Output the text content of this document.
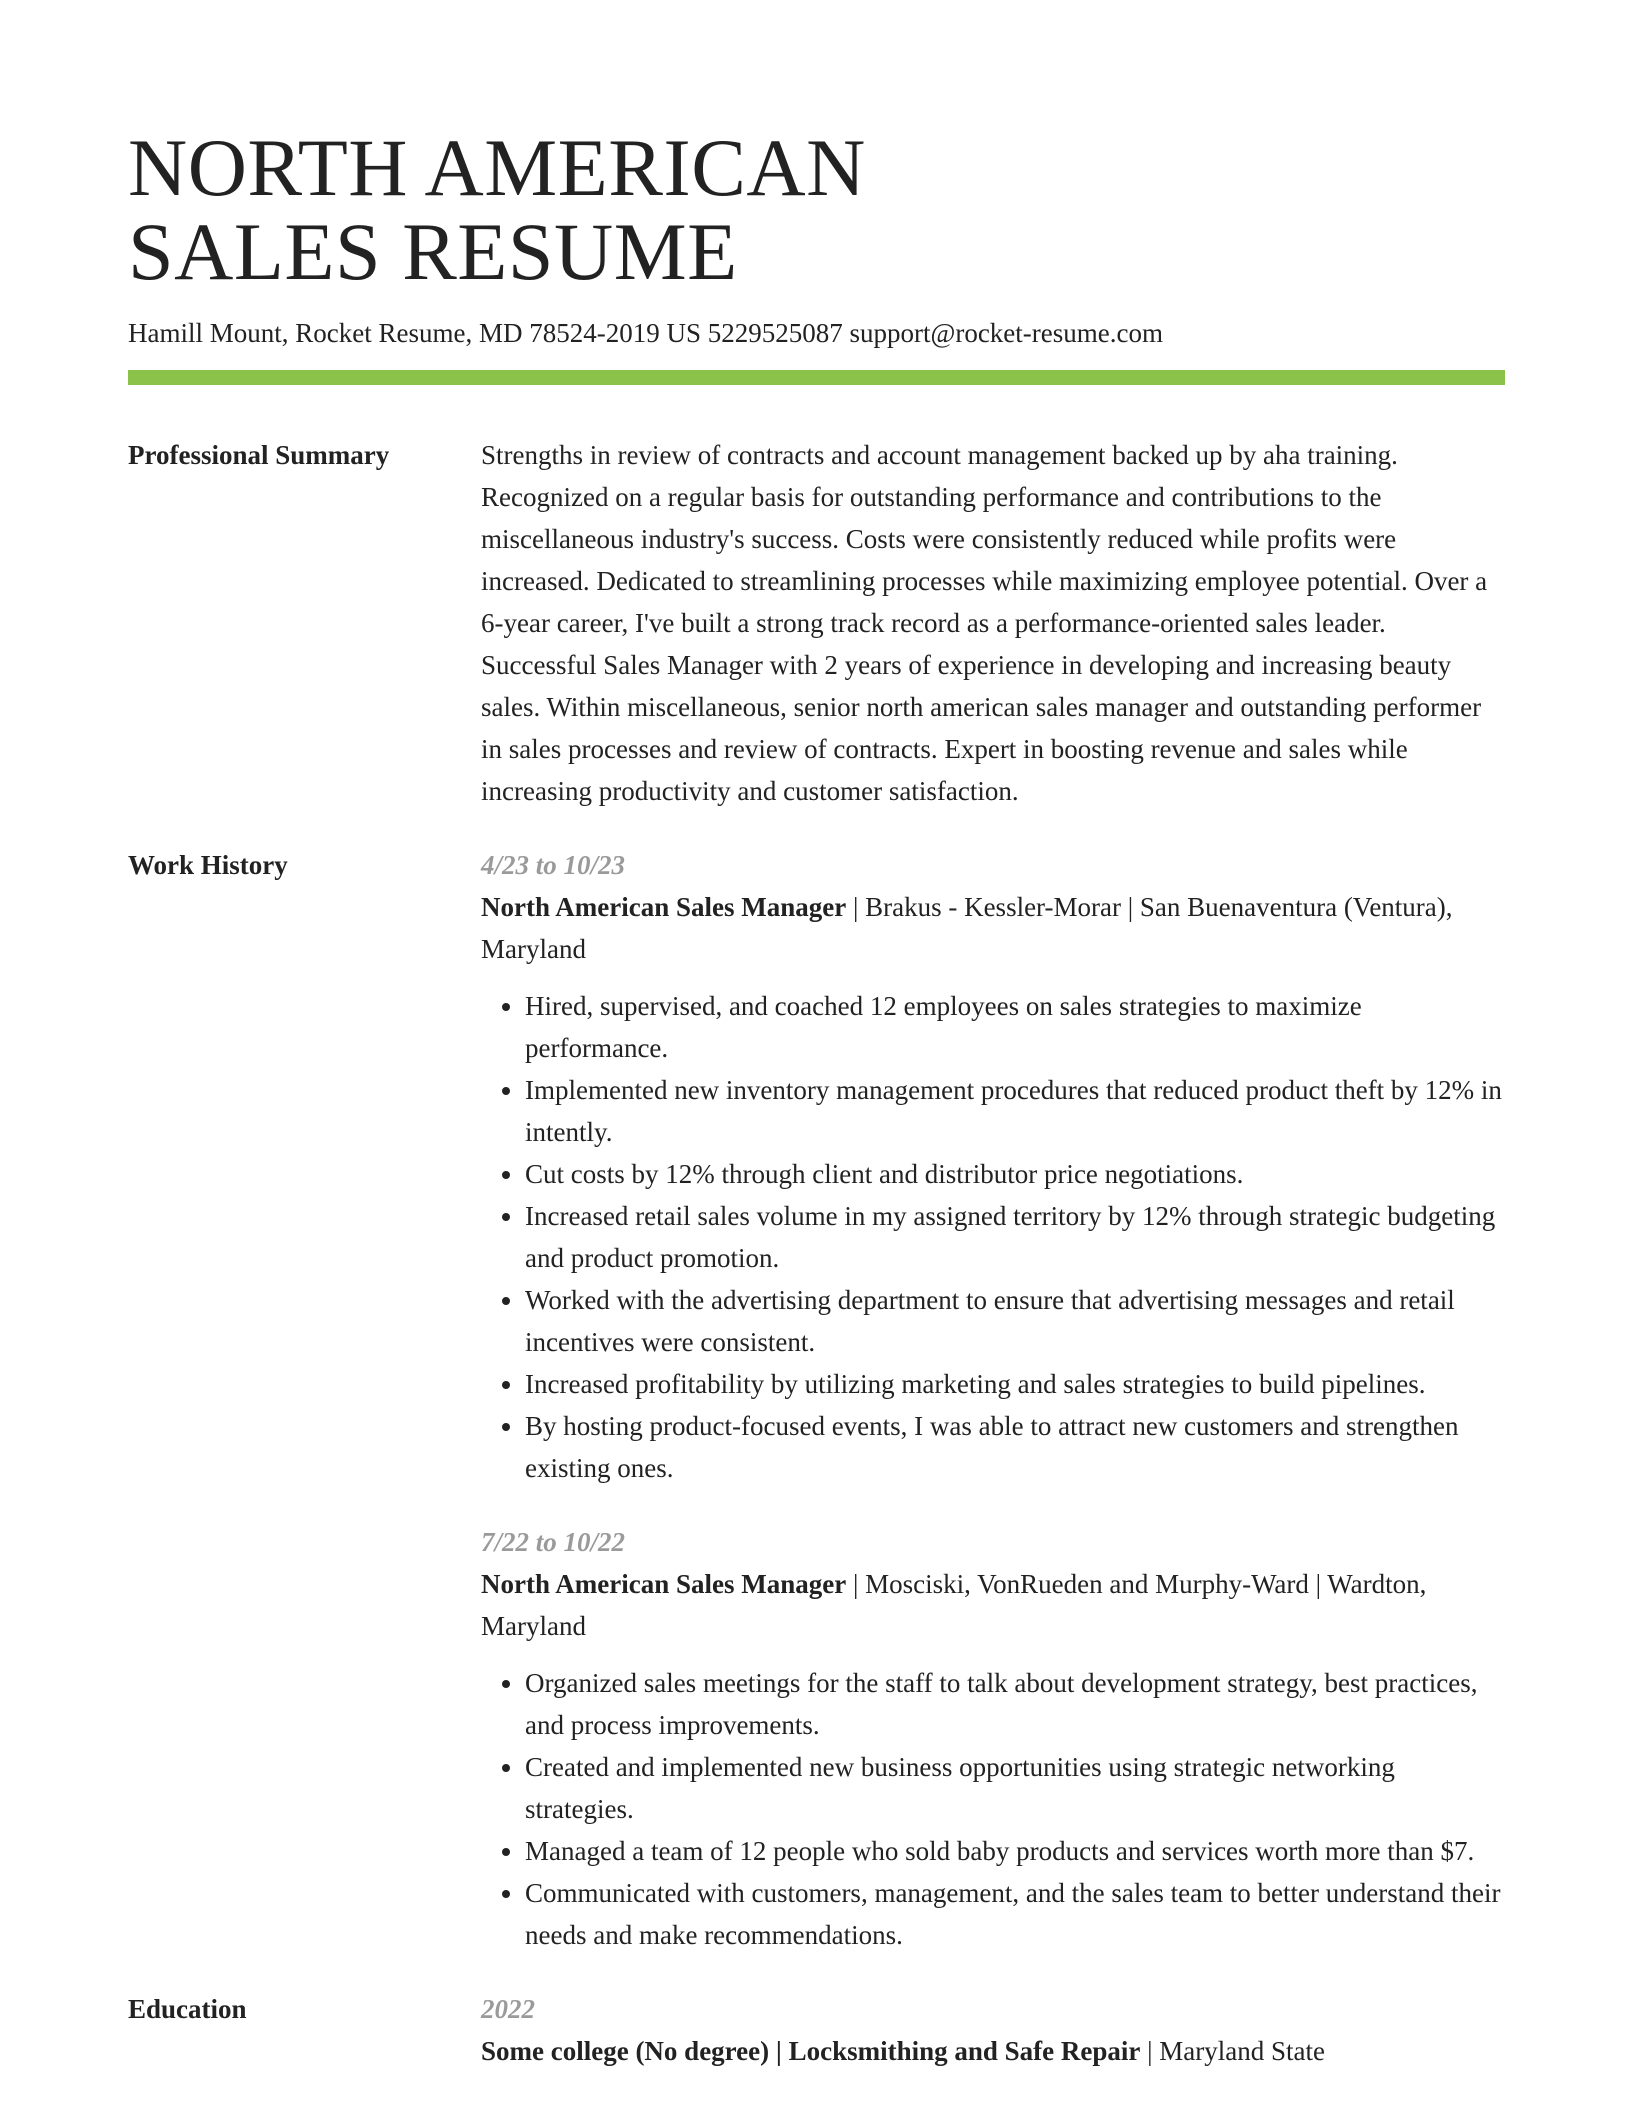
NORTH AMERICAN
SALES RESUME
Hamill Mount, Rocket Resume, MD 78524-2019 US 5229525087 support@rocket-resume.com
Professional Summary	Strengths in review of contracts and account management backed up by aha training. Recognized on a regular basis for outstanding performance and contributions to the miscellaneous industry's success. Costs were consistently reduced while profits were increased. Dedicated to streamlining processes while maximizing employee potential. Over a 6-year career, I've built a strong track record as a performance-oriented sales leader. Successful Sales Manager with 2 years of experience in developing and increasing beauty sales. Within miscellaneous, senior north american sales manager and outstanding performer in sales processes and review of contracts. Expert in boosting revenue and sales while increasing productivity and customer satisfaction.
Work History	4/23 to 10/23
North American Sales Manager | Brakus - Kessler-Morar | San Buenaventura (Ventura), Maryland
• Hired, supervised, and coached 12 employees on sales strategies to maximize performance.
• Implemented new inventory management procedures that reduced product theft by 12% in intently.
• Cut costs by 12% through client and distributor price negotiations.
• Increased retail sales volume in my assigned territory by 12% through strategic budgeting and product promotion.
• Worked with the advertising department to ensure that advertising messages and retail incentives were consistent.
• Increased profitability by utilizing marketing and sales strategies to build pipelines.
• By hosting product-focused events, I was able to attract new customers and strengthen existing ones.
7/22 to 10/22
North American Sales Manager | Mosciski, VonRueden and Murphy-Ward | Wardton, Maryland
• Organized sales meetings for the staff to talk about development strategy, best practices, and process improvements.
• Created and implemented new business opportunities using strategic networking strategies.
• Managed a team of 12 people who sold baby products and services worth more than $7.
• Communicated with customers, management, and the sales team to better understand their needs and make recommendations.
Education	2022
Some college (No degree) | Locksmithing and Safe Repair | Maryland State
